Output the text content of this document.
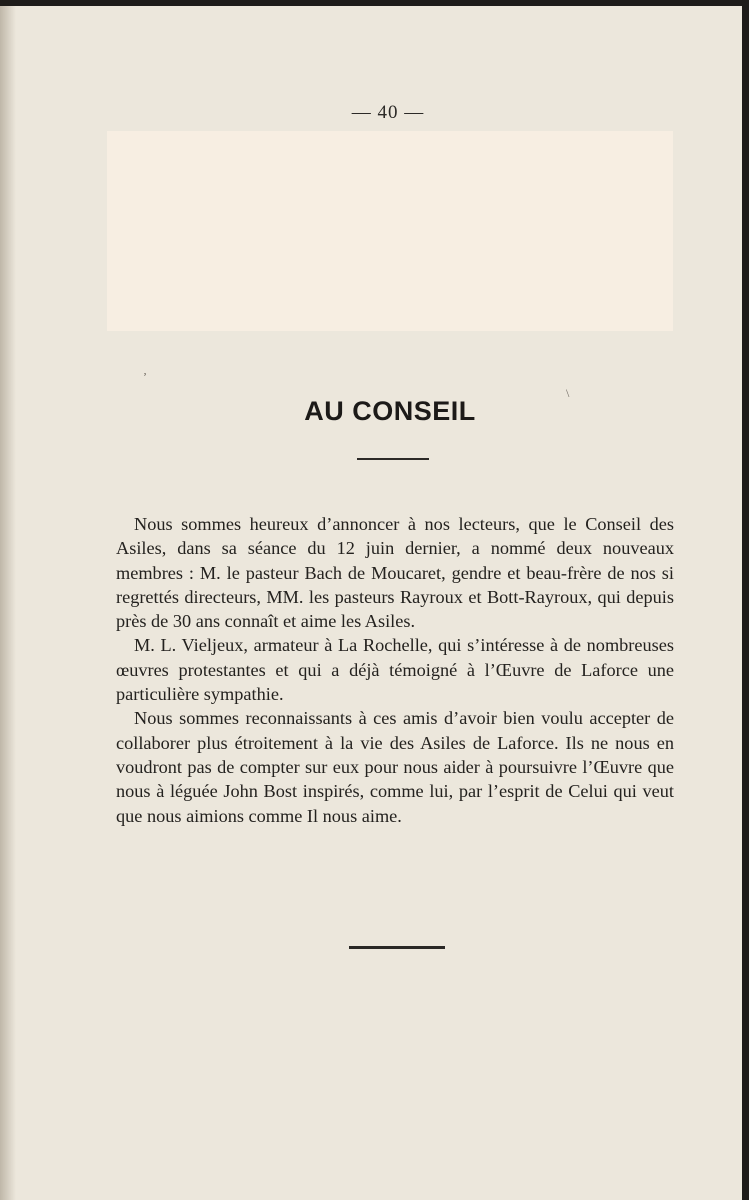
— 40 —
ʼ
\
AU CONSEIL

Nous sommes heureux d’annoncer à nos lecteurs, que le Conseil des Asiles, dans sa séance du 12 juin dernier, a nommé deux nouveaux membres : M. le pasteur Bach de Moucaret, gendre et beau-frère de nos si regrettés directeurs, MM. les pasteurs Rayroux et Bott-Rayroux, qui depuis près de 30 ans connaît et aime les Asiles.

M. L. Vieljeux, armateur à La Rochelle, qui s’intéresse à de nombreuses œuvres protestantes et qui a déjà témoigné à l’Œuvre de Laforce une particulière sympathie.

Nous sommes reconnaissants à ces amis d’avoir bien voulu accepter de collaborer plus étroitement à la vie des Asiles de Laforce. Ils ne nous en voudront pas de compter sur eux pour nous aider à poursuivre l’Œuvre que nous à léguée John Bost inspirés, comme lui, par l’esprit de Celui qui veut que nous aimions comme Il nous aime.
